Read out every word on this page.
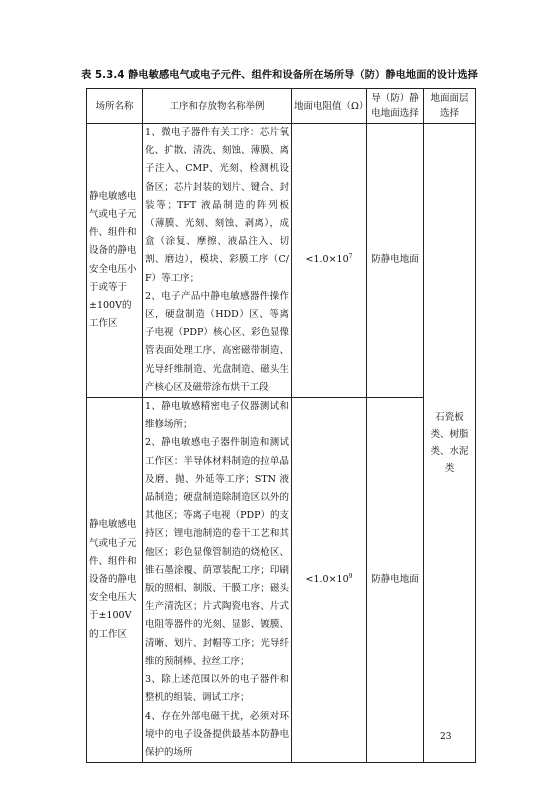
表 5.3.4 静电敏感电气或电子元件、组件和设备所在场所导（防）静电地面的设计选择
场所名称	工序和存放物名称举例	地面电阻值（Ω）	导（防）静电地面选择	地面面层选择
静电敏感电气或电子元件、组件和设备的静电安全电压小于或等于±100V的工作区	1、微电子器件有关工序：芯片氧化、扩散、清洗、刻蚀、薄膜、离子注入、CMP、光刻、检测机设备区；芯片封装的划片、键合、封装等；TFT 液晶制造的阵列板（薄膜、光刻、刻蚀、剥离），成盒（涂复、摩擦、液晶注入、切割、磨边），模块、彩膜工序（C/F）等工序；
2、电子产品中静电敏感器件操作区，硬盘制造（HDD）区、等离子电视（PDP）核心区、彩色显像管表面处理工序、高密磁带制造、光导纤维制造、光盘制造、磁头生产核心区及磁带涂布烘干工段	$<1.0\times 10^7$	防静电地面	石瓷板类、树脂类、水泥类
静电敏感电气或电子元件、组件和设备的静电安全电压大于±100V的工作区	1、静电敏感精密电子仪器测试和维修场所；
2、静电敏感电子器件制造和测试工作区：半导体材料制造的拉单晶及磨、抛、外延等工序；STN 液晶制造；硬盘制造除制造区以外的其他区；等离子电视（PDP）的支持区；锂电池制造的卷干工艺和其他区；彩色显像管制造的烧枪区、锥石墨涂覆、荫罩装配工序；印刷版的照相、制版、干膜工序；磁头生产清洗区；片式陶瓷电容、片式电阻等器件的光刻、显影、镀膜、清晰、划片、封帽等工序；光导纤维的预制棒、拉丝工序；
3、除上述范围以外的电子器件和整机的组装、调试工序；
4、存在外部电磁干扰，必须对环境中的电子设备提供最基本防静电保护的场所	$<1.0\times 10^9$	防静电地面	
23
